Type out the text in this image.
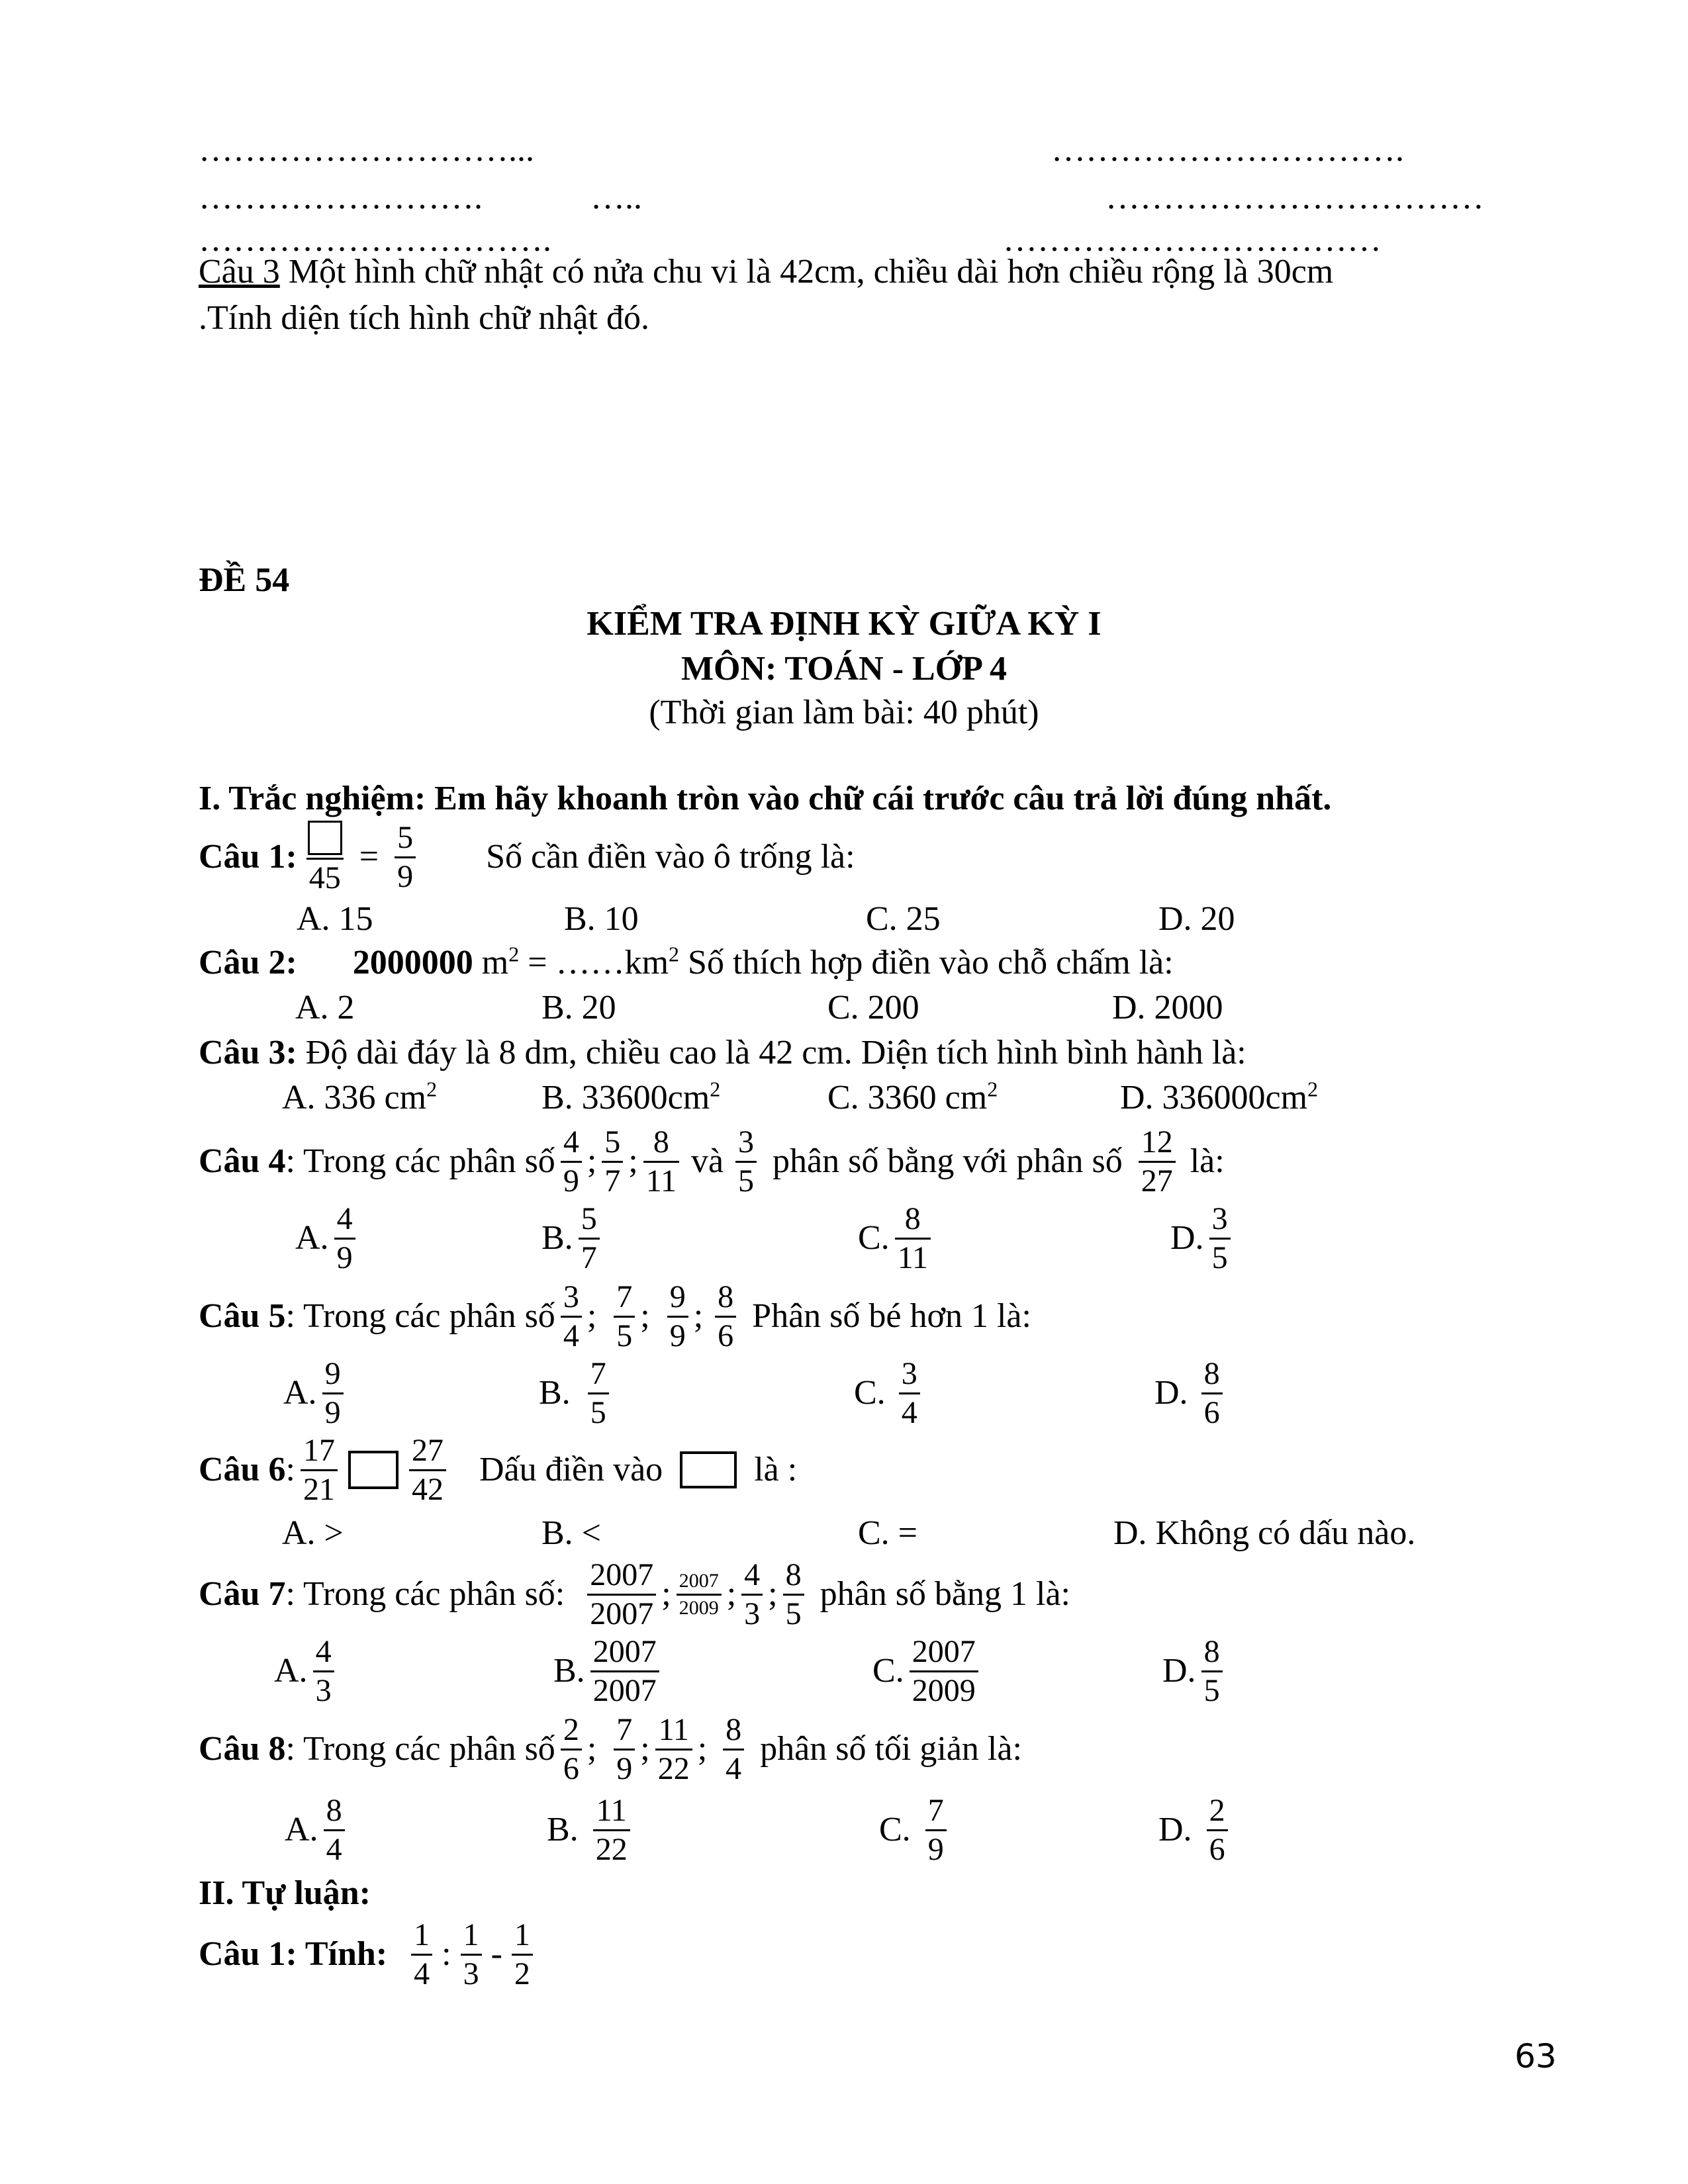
………………………...	………………………….
…………………….	…..	……………………………
………………………….	……………………………
Câu 3 Một hình chữ nhật có nửa chu vi là 42cm, chiều dài hơn chiều rộng là 30cm
.Tính diện tích hình chữ nhật đó.
ĐỀ 54
KIỂM TRA ĐỊNH KỲ GIỮA KỲ I
MÔN: TOÁN - LỚP 4
(Thời gian làm bài: 40 phút)
I. Trắc nghiệm: Em hãy khoanh tròn vào chữ cái trước câu trả lời đúng nhất.
Câu 1:
45
= $\frac{5}{9}$ Số cần điền vào ô trống là:
A. 15	B. 10	C. 25	D. 20
Câu 2: 2000000 $m^2$ = $\dots\dots km^2$ Số thích hợp điền vào chỗ chấm là:
A. 2	B. 20	C. 200	D. 2000
Câu 3: Độ dài đáy là 8 dm, chiều cao là 42 cm. Diện tích hình bình hành là:
A. 336 $cm^2$	B. $33600cm^2$	C. 3360 $cm^2$	D. $336000cm^2$
Câu 4 : Trong các phân số $\frac{4}{9}$ ; $\frac{5}{7}$ ; $\frac{8}{11}$ và $\frac{3}{5}$ phân số bằng với phân số $\frac{12}{27}$ là:
A. $\frac{4}{9}$	B. $\frac{5}{7}$	C. $\frac{8}{11}$	D. $\frac{3}{5}$
Câu 5 : Trong các phân số $\frac{3}{4}$ ; $\frac{7}{5}$ ; $\frac{9}{9}$ ; $\frac{8}{6}$ Phân số bé hơn 1 là:
A. $\frac{9}{9}$	B. $\frac{7}{5}$	C. $\frac{3}{4}$	D. $\frac{8}{6}$
Câu 6 : $\frac{17}{21} \frac{27}{42}$ Dấu điền vào	là :
A. >	B. <	C. =	D. Không có dấu nào.
Câu 7 : Trong các phân số: $\frac{2007}{2007}$ ; $\frac{2007}{2009}$ ; $\frac{4}{3}$ ; $\frac{8}{5}$ phân số bằng 1 là:
A. $\frac{4}{3}$	B. $\frac{2007}{2007}$	C. $\frac{2007}{2009}$	D. $\frac{8}{5}$
Câu 8 : Trong các phân số $\frac{2}{6}$ ; $\frac{7}{9}$ ; $\frac{11}{22}$ ; $\frac{8}{4}$ phân số tối giản là:
A. $\frac{8}{4}$	B. $\frac{11}{22}$	C. $\frac{7}{9}$	D. $\frac{2}{6}$
II. Tự luận:
Câu 1: Tính: $\frac{1}{4}$ : $\frac{1}{3} - \frac{1}{2}$
63
